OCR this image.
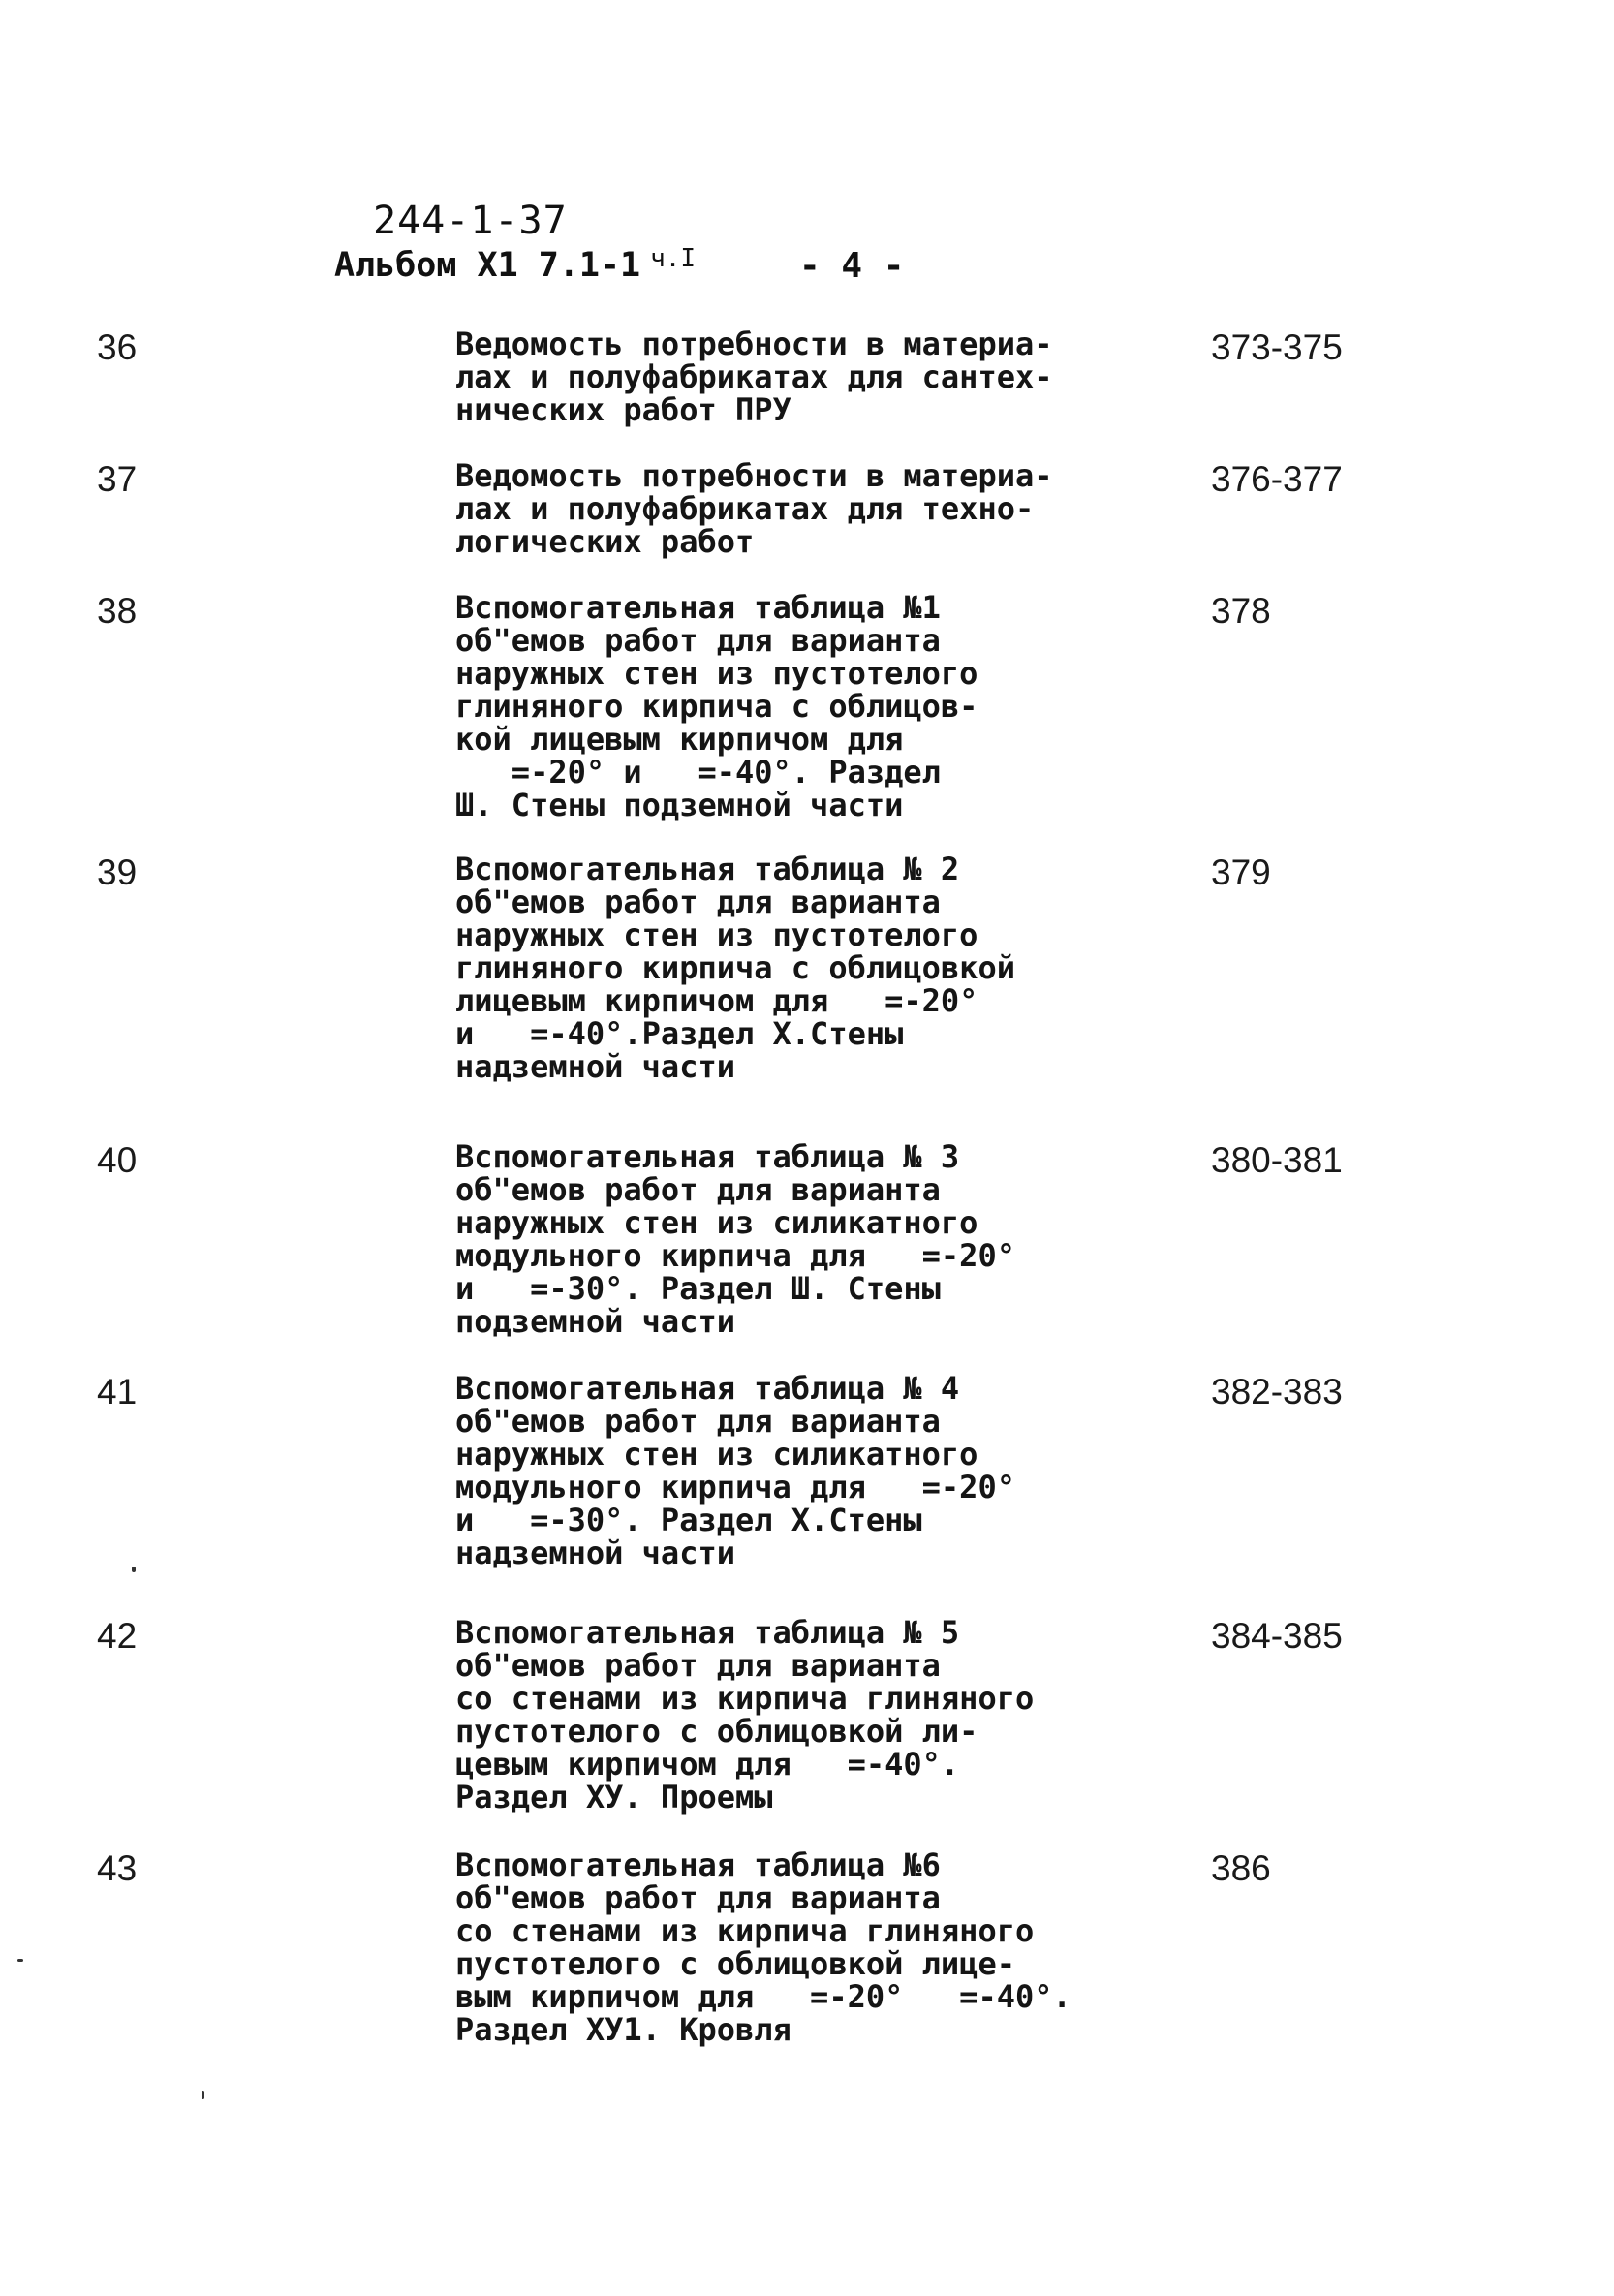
244-1-37
Альбом X1 7.1-1 $^{ч.I}$	- 4 -
36	Ведомость потребности в материа-
лах и полуфабрикатах для сантех-
нических работ ПРУ
373-375
37	Ведомость потребности в материа-
лах и полуфабрикатах для техно-
логических работ
376-377
38	Вспомогательная таблица №1
об"емов работ для варианта
наружных стен из пустотелого
глиняного кирпича с облицов-
кой лицевым кирпичом для
=-20° и   =-40°. Раздел
Ш. Стены подземной части
378
39	Вспомогательная таблица № 2
об"емов работ для варианта
наружных стен из пустотелого
глиняного кирпича с облицовкой
лицевым кирпичом для   =-20°
и   =-40°.Раздел Х.Стены
надземной части
379
40	Вспомогательная таблица № 3
об"емов работ для варианта
наружных стен из силикатного
модульного кирпича для   =-20°
и   =-30°. Раздел Ш. Стены
подземной части
380-381
41	Вспомогательная таблица № 4
об"емов работ для варианта
наружных стен из силикатного
модульного кирпича для   =-20°
и   =-30°. Раздел Х.Стены
надземной части
382-383
42	Вспомогательная таблица № 5
об"емов работ для варианта
со стенами из кирпича глиняного
пустотелого с облицовкой ли-
цевым кирпичом для   =-40°.
Раздел ХУ. Проемы
384-385
43	Вспомогательная таблица №6
об"емов работ для варианта
со стенами из кирпича глиняного
пустотелого с облицовкой лице-
вым кирпичом для   =-20°   =-40°.
Раздел ХУ1. Кровля
386
